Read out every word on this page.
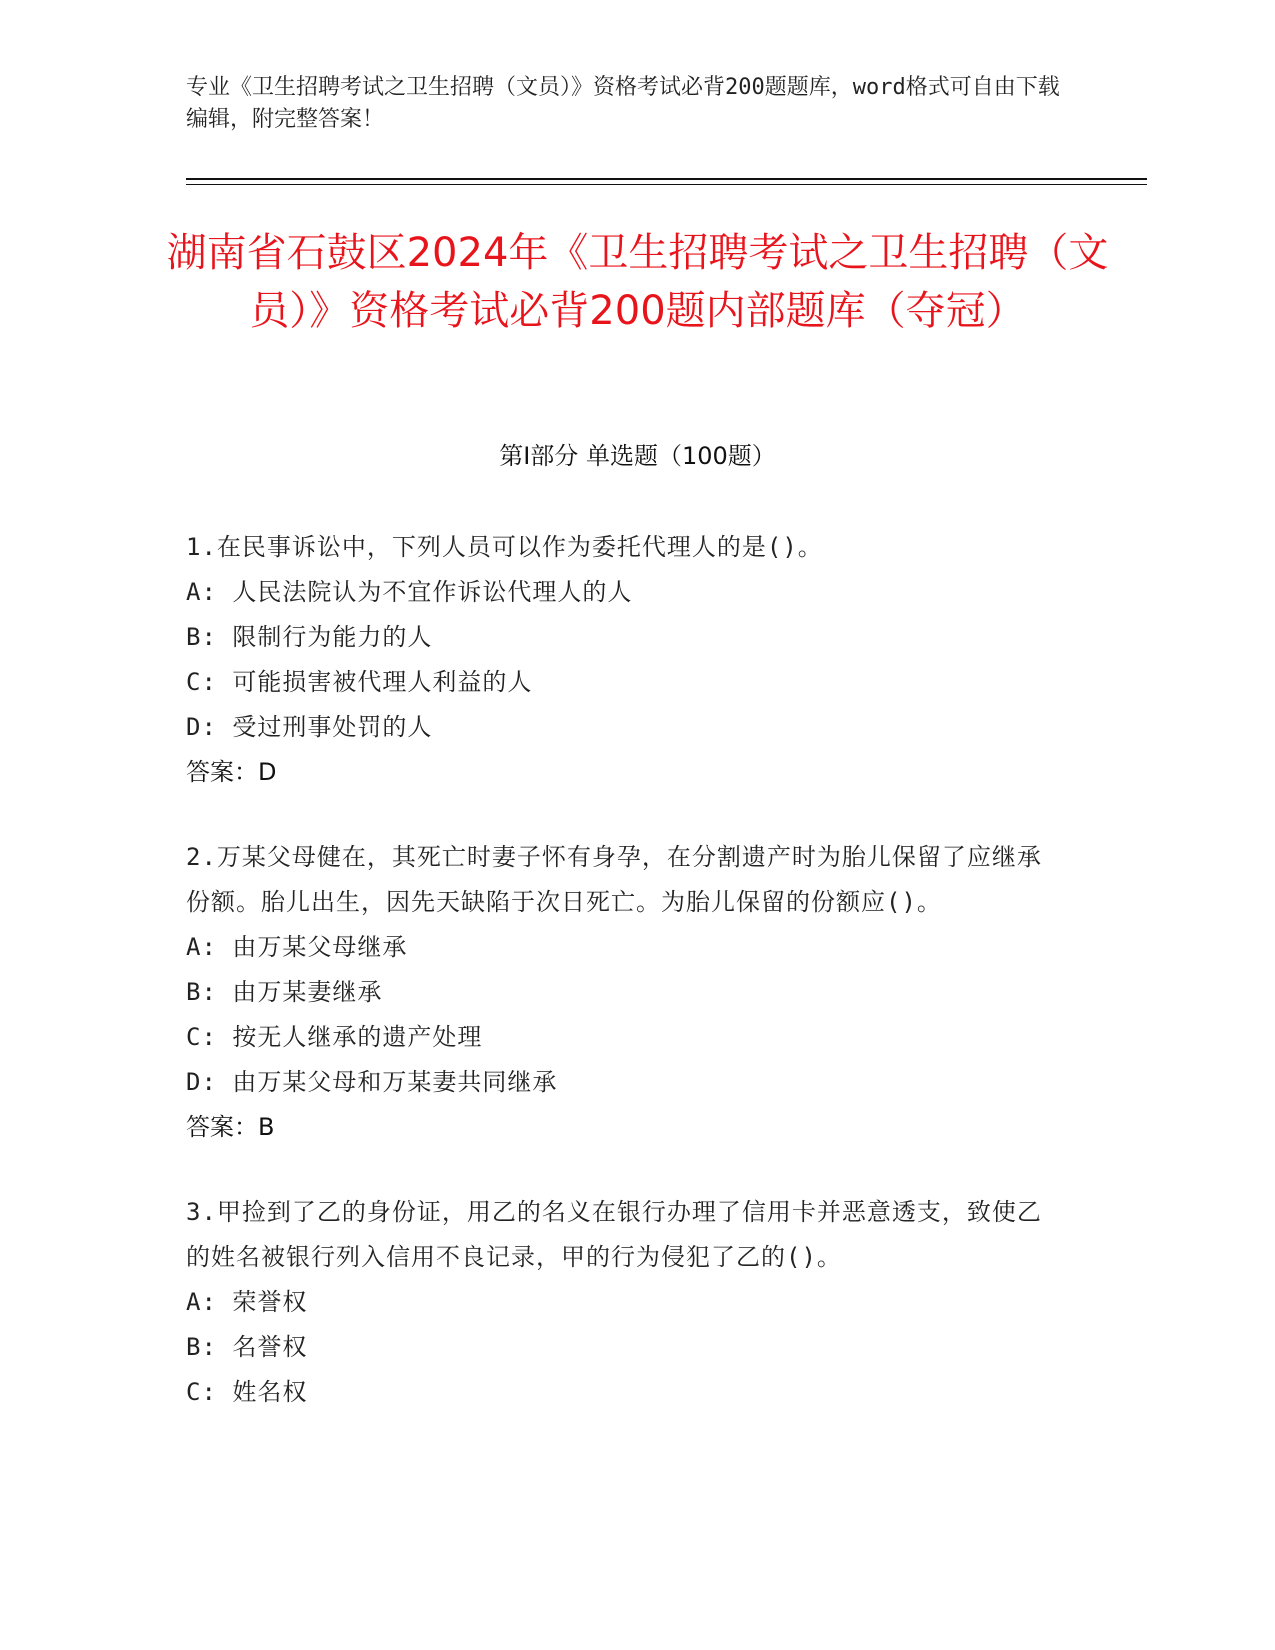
专业《卫生招聘考试之卫生招聘（文员）》资格考试必背200题题库，word格式可自由下载编辑，附完整答案！
湖南省石鼓区2024年《卫生招聘考试之卫生招聘（文员）》资格考试必背200题内部题库（夺冠）
第Ⅰ部分 单选题（100题）

1.在民事诉讼中，下列人员可以作为委托代理人的是()。

A: 人民法院认为不宜作诉讼代理人的人

B: 限制行为能力的人

C: 可能损害被代理人利益的人

D: 受过刑事处罚的人

答案：D

2.万某父母健在，其死亡时妻子怀有身孕，在分割遗产时为胎儿保留了应继承份额。胎儿出生，因先天缺陷于次日死亡。为胎儿保留的份额应()。

A: 由万某父母继承

B: 由万某妻继承

C: 按无人继承的遗产处理

D: 由万某父母和万某妻共同继承

答案：B

3.甲捡到了乙的身份证，用乙的名义在银行办理了信用卡并恶意透支，致使乙的姓名被银行列入信用不良记录，甲的行为侵犯了乙的()。

A: 荣誉权

B: 名誉权

C: 姓名权
